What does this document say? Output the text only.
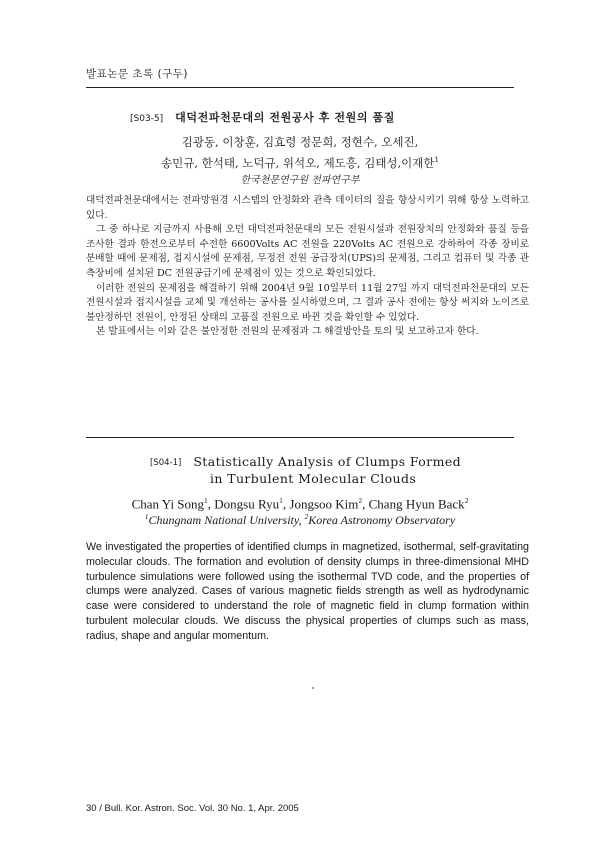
발표논문 초록 (구두)
[S03-5] 대덕전파천문대의 전원공사 후 전원의 품질
김광동, 이창훈, 김효령 정문희, 정현수, 오세진,
송민규, 한석태, 노덕규, 위석오, 제도흥, 김태성,이재한$^1$
한국천문연구원 전파연구부

대덕전파천문대에서는 전파망원경 시스템의 안정화와 관측 데이터의 질을 향상시키기 위해 항상 노력하고 있다.

그 중 하나로 지금까지 사용해 오던 대덕전파천문대의 모든 전원시설과 전원장치의 안정화와 품질 등을 조사한 결과 한전으로부터 수전한 6600Volts AC 전원을 220Volts AC 전원으로 강하하여 각종 장비로 분배할 때에 문제점, 접지시설에 문제점, 무정전 전원 공급장치(UPS)의 문제점, 그리고 컴퓨터 및 각종 관측장비에 설치된 DC 전원공급기에 문제점이 있는 것으로 확인되었다.

이러한 전원의 문제점을 해결하기 위해 2004년 9월 10일부터 11월 27일 까지 대덕전파천문대의 모든 전원시설과 접지시설을 교체 및 개선하는 공사를 실시하였으며, 그 결과 공사 전에는 항상 써지와 노이즈로 불안정하던 전원이, 안정된 상태의 고품질 전원으로 바뀐 것을 확인할 수 있었다.

본 발표에서는 이와 같은 불안정한 전원의 문제점과 그 해결방안을 토의 및 보고하고자 한다.

[S04-1] Statistically Analysis of Clumps Formed
in Turbulent Molecular Clouds
Chan Yi Song$^1$, Dongsu Ryu$^1$, Jongsoo Kim$^2$, Chang Hyun Back$^2$
$^1$Chungnam National University, $^2$Korea Astronomy Observatory

We investigated the properties of identified clumps in magnetized, isothermal, self-gravitating molecular clouds. The formation and evolution of density clumps in three-dimensional MHD turbulence simulations were followed using the isothermal TVD code, and the properties of clumps were analyzed. Cases of various magnetic fields strength as well as hydrodynamic case were considered to understand the role of magnetic field in clump formation within turbulent molecular clouds. We discuss the physical properties of clumps such as mass, radius, shape and angular momentum.

30 / Bull. Kor. Astron. Soc. Vol. 30 No. 1, Apr. 2005
